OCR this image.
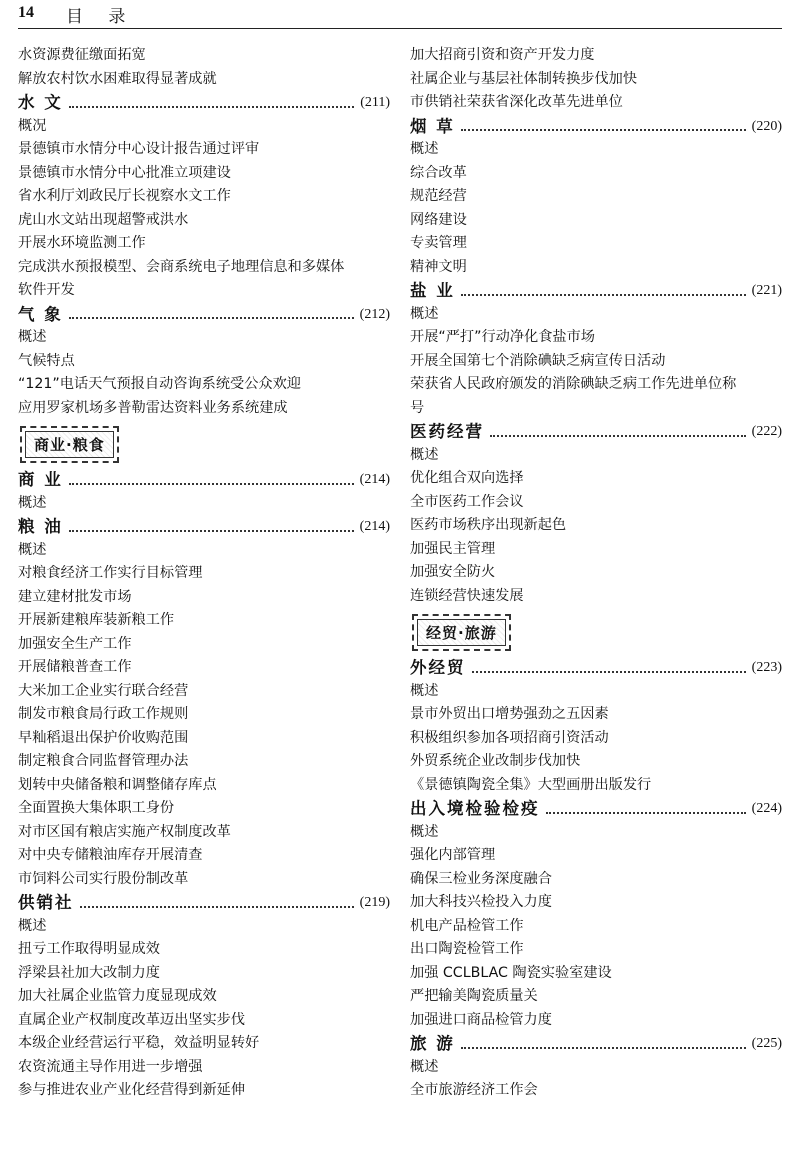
14 目 录
水资源费征缴面拓宽
解放农村饮水困难取得显著成就
水 文	(211)
概况
景德镇市水情分中心设计报告通过评审
景德镇市水情分中心批准立项建设
省水利厅刘政民厅长视察水文工作
虎山水文站出现超警戒洪水
开展水环境监测工作
完成洪水预报模型、会商系统电子地理信息和多媒体
软件开发
气 象	(212)
概述
气候特点
“121”电话天气预报自动咨询系统受公众欢迎
应用罗家机场多普勒雷达资料业务系统建成
商业·粮食
商 业	(214)
概述
粮 油	(214)
概述
对粮食经济工作实行目标管理
建立建材批发市场
开展新建粮库装新粮工作
加强安全生产工作
开展储粮普查工作
大米加工企业实行联合经营
制发市粮食局行政工作规则
早籼稻退出保护价收购范围
制定粮食合同监督管理办法
划转中央储备粮和调整储存库点
全面置换大集体职工身份
对市区国有粮店实施产权制度改革
对中央专储粮油库存开展清查
市饲料公司实行股份制改革
供销社	(219)
概述
扭亏工作取得明显成效
浮梁县社加大改制力度
加大社属企业监管力度显现成效
直属企业产权制度改革迈出坚实步伐
本级企业经营运行平稳，效益明显转好
农资流通主导作用进一步增强
参与推进农业产业化经营得到新延伸
加大招商引资和资产开发力度
社属企业与基层社体制转换步伐加快
市供销社荣获省深化改革先进单位
烟 草	(220)
概述
综合改革
规范经营
网络建设
专卖管理
精神文明
盐 业	(221)
概述
开展“严打”行动净化食盐市场
开展全国第七个消除碘缺乏病宣传日活动
荣获省人民政府颁发的消除碘缺乏病工作先进单位称
号
医药经营	(222)
概述
优化组合双向选择
全市医药工作会议
医药市场秩序出现新起色
加强民主管理
加强安全防火
连锁经营快速发展
经贸·旅游
外经贸	(223)
概述
景市外贸出口增势强劲之五因素
积极组织参加各项招商引资活动
外贸系统企业改制步伐加快
《景德镇陶瓷全集》大型画册出版发行
出入境检验检疫	(224)
概述
强化内部管理
确保三检业务深度融合
加大科技兴检投入力度
机电产品检管工作
出口陶瓷检管工作
加强 CCLBLAC 陶瓷实验室建设
严把输美陶瓷质量关
加强进口商品检管力度
旅 游	(225)
概述
全市旅游经济工作会
